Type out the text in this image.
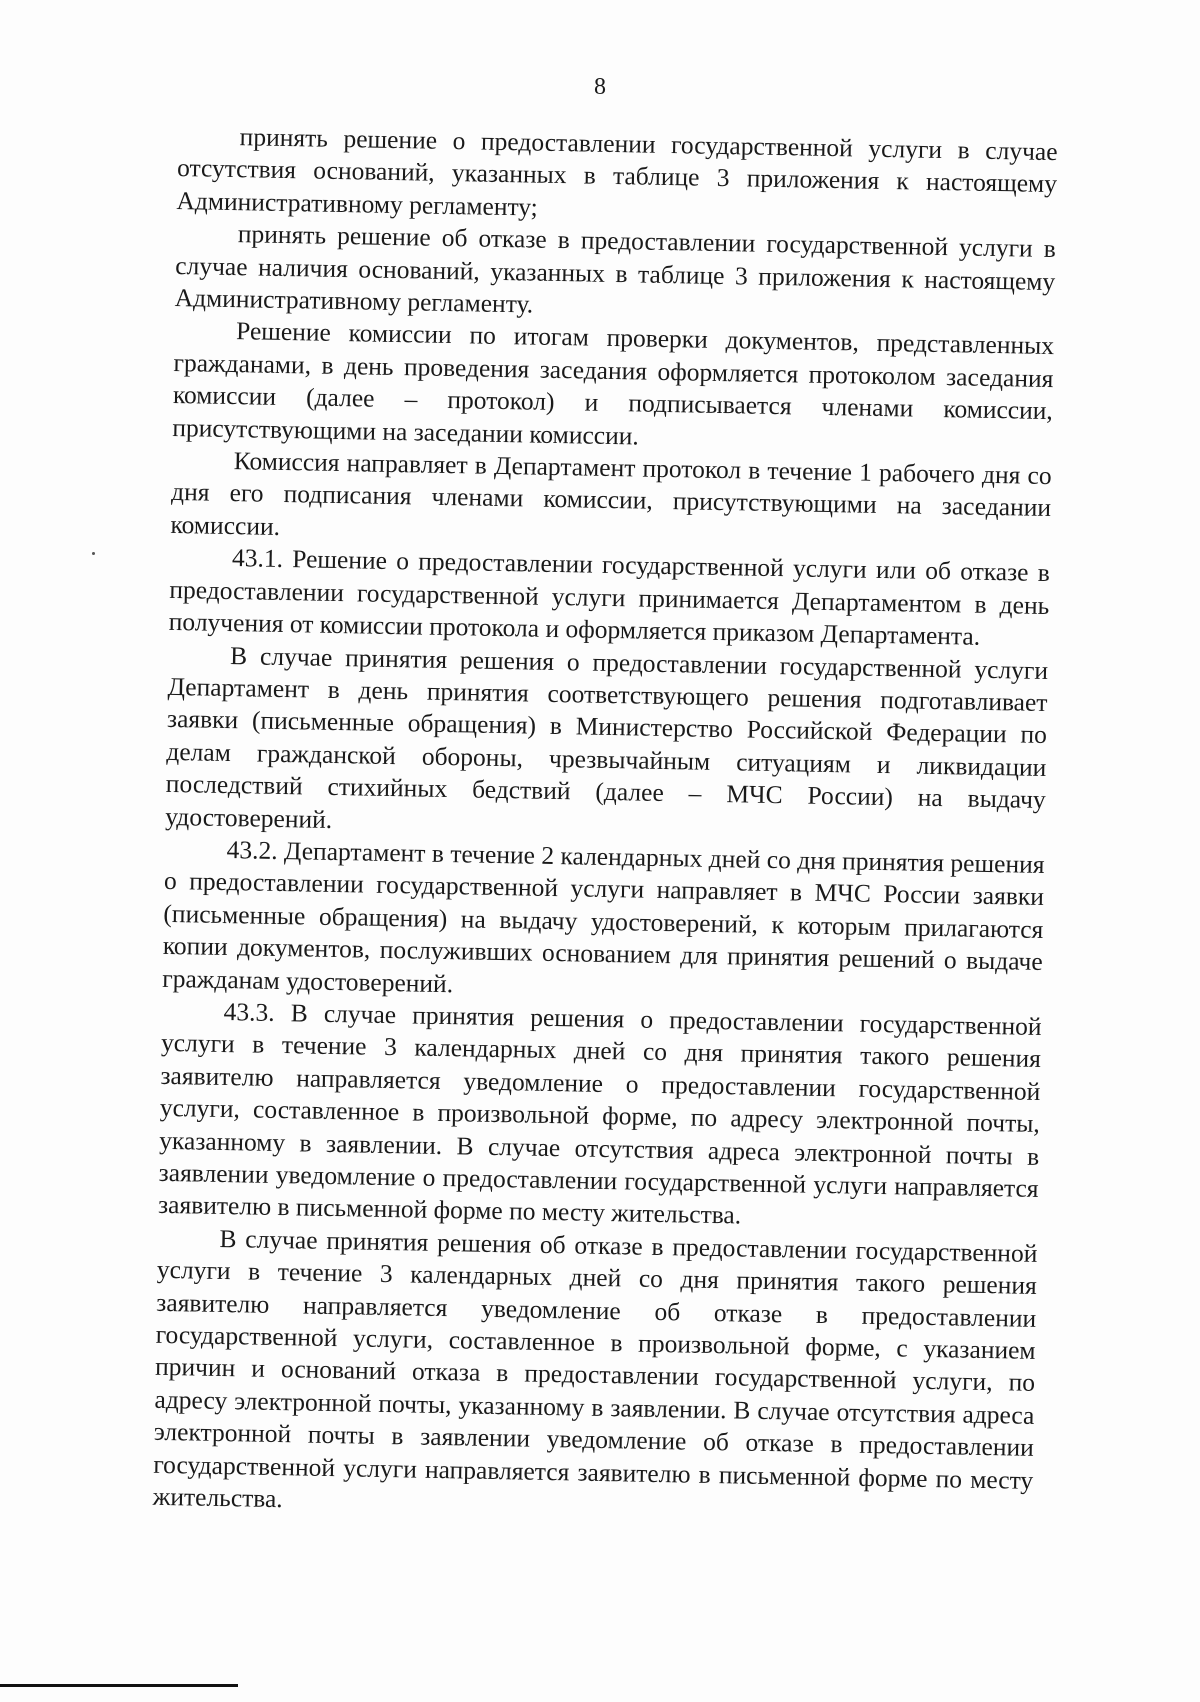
8

принять решение о предоставлении государственной услуги в случае отсутствия оснований, указанных в таблице 3 приложения к настоящему Административному регламенту;

принять решение об отказе в предоставлении государственной услуги в случае наличия оснований, указанных в таблице 3 приложения к настоящему Административному регламенту.

Решение комиссии по итогам проверки документов, представленных гражданами, в день проведения заседания оформляется протоколом заседания комиссии (далее – протокол) и подписывается членами комиссии, присутствующими на заседании комиссии.

Комиссия направляет в Департамент протокол в течение 1 рабочего дня со дня его подписания членами комиссии, присутствующими на заседании комиссии.

43.1. Решение о предоставлении государственной услуги или об отказе в предоставлении государственной услуги принимается Департаментом в день получения от комиссии протокола и оформляется приказом Департамента.

В случае принятия решения о предоставлении государственной услуги Департамент в день принятия соответствующего решения подготавливает заявки (письменные обращения) в Министерство Российской Федерации по делам гражданской обороны, чрезвычайным ситуациям и ликвидации последствий стихийных бедствий (далее – МЧС России) на выдачу удостоверений.

43.2. Департамент в течение 2 календарных дней со дня принятия решения о предоставлении государственной услуги направляет в МЧС России заявки (письменные обращения) на выдачу удостоверений, к которым прилагаются копии документов, послуживших основанием для принятия решений о выдаче гражданам удостоверений.

43.3. В случае принятия решения о предоставлении государственной услуги в течение 3 календарных дней со дня принятия такого решения заявителю направляется уведомление о предоставлении государственной услуги, составленное в произвольной форме, по адресу электронной почты, указанному в заявлении. В случае отсутствия адреса электронной почты в заявлении уведомление о предоставлении государственной услуги направляется заявителю в письменной форме по месту жительства.

В случае принятия решения об отказе в предоставлении государственной услуги в течение 3 календарных дней со дня принятия такого решения заявителю направляется уведомление об отказе в предоставлении государственной услуги, составленное в произвольной форме, с указанием причин и оснований отказа в предоставлении государственной услуги, по адресу электронной почты, указанному в заявлении. В случае отсутствия адреса электронной почты в заявлении уведомление об отказе в предоставлении государственной услуги направляется заявителю в письменной форме по месту жительства.
